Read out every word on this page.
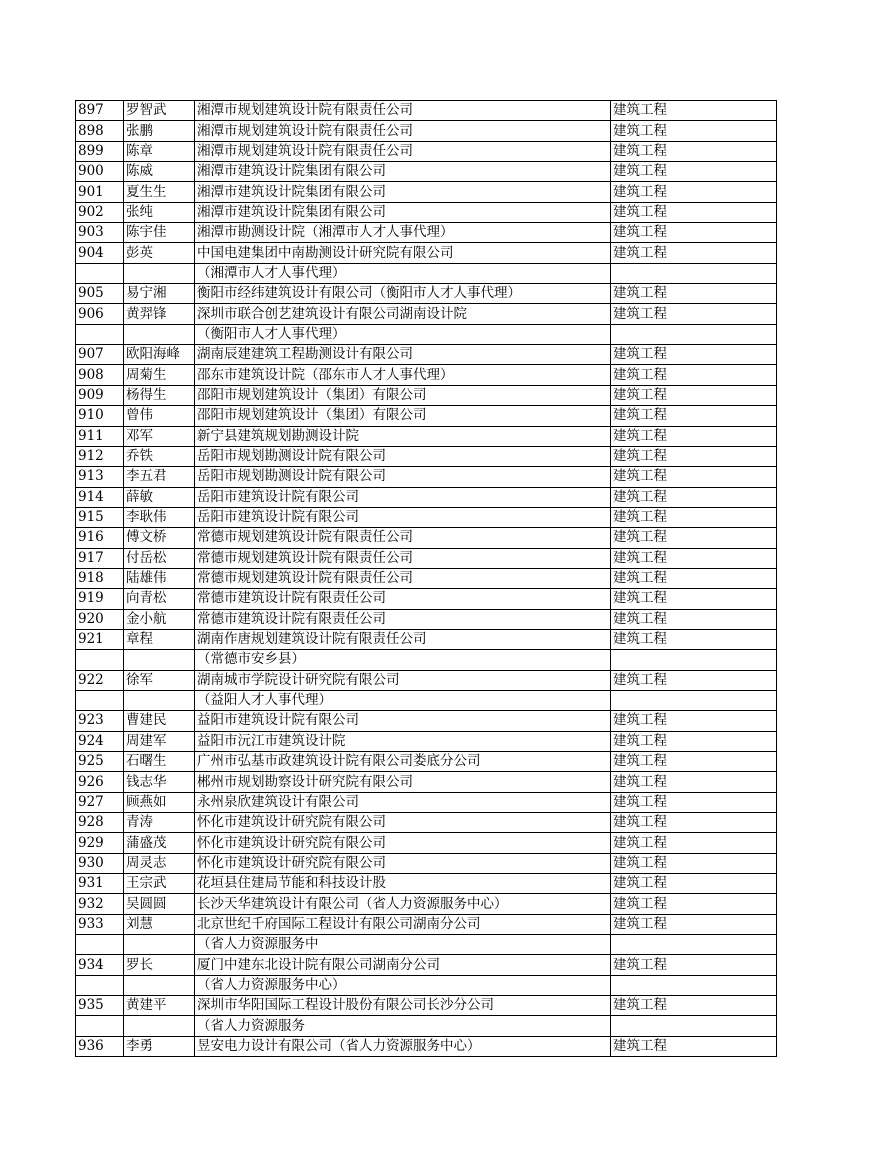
897	罗智武	湘潭市规划建筑设计院有限责任公司	建筑工程
898	张鹏	湘潭市规划建筑设计院有限责任公司	建筑工程
899	陈章	湘潭市规划建筑设计院有限责任公司	建筑工程
900	陈威	湘潭市建筑设计院集团有限公司	建筑工程
901	夏生生	湘潭市建筑设计院集团有限公司	建筑工程
902	张纯	湘潭市建筑设计院集团有限公司	建筑工程
903	陈宇佳	湘潭市勘测设计院（湘潭市人才人事代理）	建筑工程
904	彭英	中国电建集团中南勘测设计研究院有限公司	建筑工程
		（湘潭市人才人事代理）	
905	易宁湘	衡阳市经纬建筑设计有限公司（衡阳市人才人事代理）	建筑工程
906	黄羿锋	深圳市联合创艺建筑设计有限公司湖南设计院	建筑工程
		（衡阳市人才人事代理）	
907	欧阳海峰	湖南辰建建筑工程勘测设计有限公司	建筑工程
908	周菊生	邵东市建筑设计院（邵东市人才人事代理）	建筑工程
909	杨得生	邵阳市规划建筑设计（集团）有限公司	建筑工程
910	曾伟	邵阳市规划建筑设计（集团）有限公司	建筑工程
911	邓军	新宁县建筑规划勘测设计院	建筑工程
912	乔铁	岳阳市规划勘测设计院有限公司	建筑工程
913	李五君	岳阳市规划勘测设计院有限公司	建筑工程
914	薛敏	岳阳市建筑设计院有限公司	建筑工程
915	李耿伟	岳阳市建筑设计院有限公司	建筑工程
916	傅文桥	常德市规划建筑设计院有限责任公司	建筑工程
917	付岳松	常德市规划建筑设计院有限责任公司	建筑工程
918	陆雄伟	常德市规划建筑设计院有限责任公司	建筑工程
919	向青松	常德市建筑设计院有限责任公司	建筑工程
920	金小航	常德市建筑设计院有限责任公司	建筑工程
921	章程	湖南作唐规划建筑设计院有限责任公司	建筑工程
		（常德市安乡县）	
922	徐军	湖南城市学院设计研究院有限公司	建筑工程
		（益阳人才人事代理）	
923	曹建民	益阳市建筑设计院有限公司	建筑工程
924	周建军	益阳市沅江市建筑设计院	建筑工程
925	石曙生	广州市弘基市政建筑设计院有限公司娄底分公司	建筑工程
926	钱志华	郴州市规划勘察设计研究院有限公司	建筑工程
927	顾燕如	永州泉欣建筑设计有限公司	建筑工程
928	青涛	怀化市建筑设计研究院有限公司	建筑工程
929	蒲盛茂	怀化市建筑设计研究院有限公司	建筑工程
930	周灵志	怀化市建筑设计研究院有限公司	建筑工程
931	王宗武	花垣县住建局节能和科技设计股	建筑工程
932	吴圆圆	长沙天华建筑设计有限公司（省人力资源服务中心）	建筑工程
933	刘慧	北京世纪千府国际工程设计有限公司湖南分公司	建筑工程
		（省人力资源服务中	
934	罗长	厦门中建东北设计院有限公司湖南分公司	建筑工程
		（省人力资源服务中心）	
935	黄建平	深圳市华阳国际工程设计股份有限公司长沙分公司	建筑工程
		（省人力资源服务	
936	李勇	昱安电力设计有限公司（省人力资源服务中心）	建筑工程
